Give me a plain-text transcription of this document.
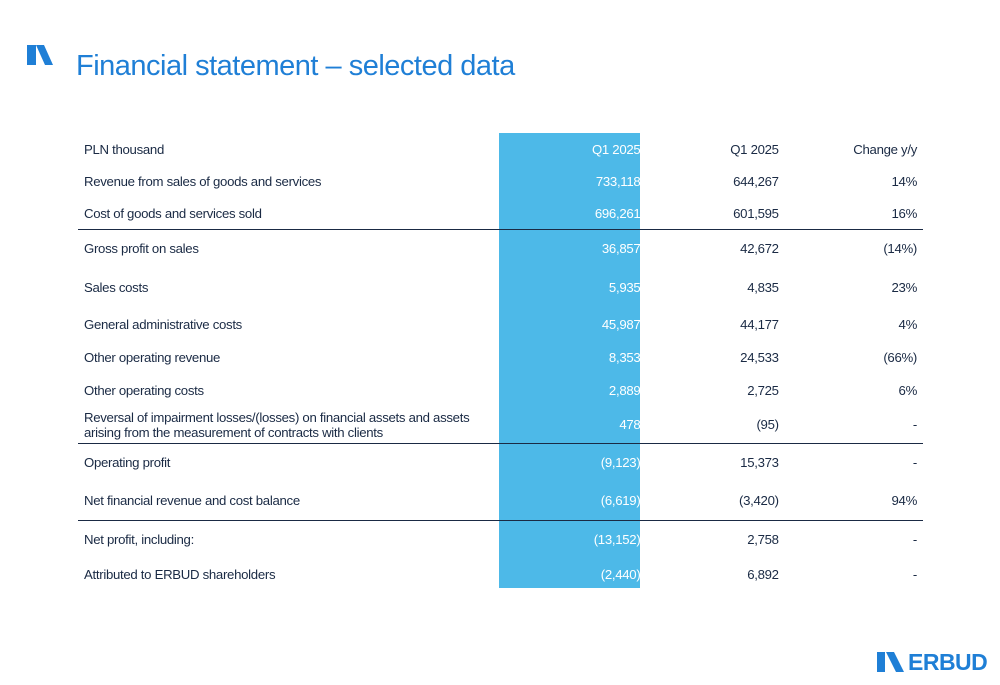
Financial statement – selected data
PLN thousand		Q1 2025	Q1 2025	Change y/y
Revenue from sales of goods and services		733,118	644,267	14%
Cost of goods and services sold		696,261	601,595	16%
Gross profit on sales		36,857	42,672	(14%)
Sales costs		5,935	4,835	23%
General administrative costs		45,987	44,177	4%
Other operating revenue		8,353	24,533	(66%)
Other operating costs		2,889	2,725	6%
Reversal of impairment losses/(losses) on financial assets and assets
arising from the measurement of contracts with clients		478	(95)	-
Operating profit		(9,123)	15,373	-
Net financial revenue and cost balance		(6,619)	(3,420)	94%
Net profit, including:		(13,152)	2,758	-
Attributed to ERBUD shareholders		(2,440)	6,892	-
ERBUD
